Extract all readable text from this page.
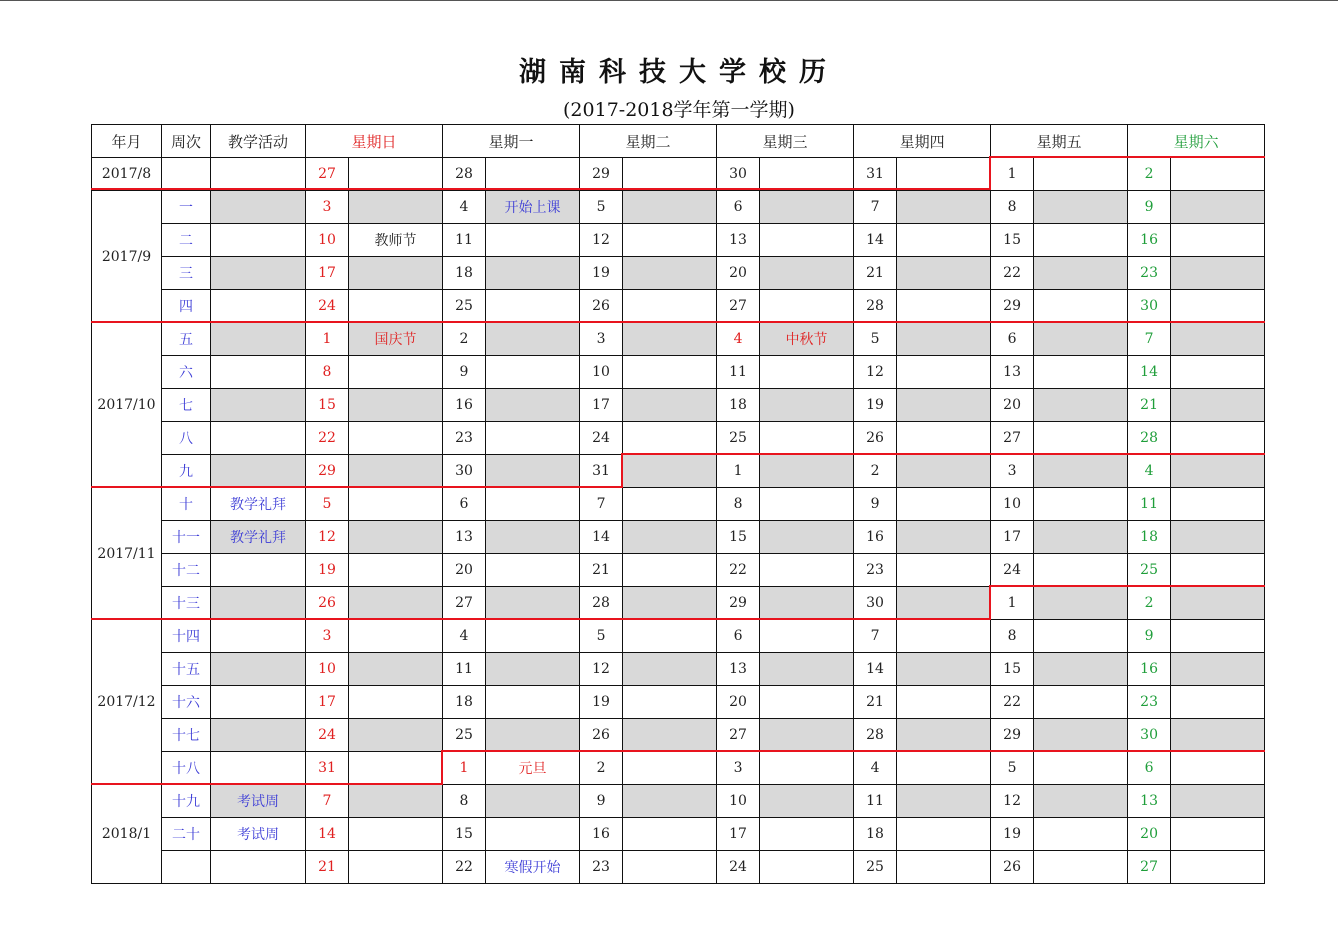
湖南科技大学校历
(2017-2018学年第一学期)
年月	周次	教学活动	星期日		星期一		星期二		星期三		星期四		星期五		星期六	
2017/8			27		28		29		30		31		1		2	
2017/9	一		3		4	开始上课	5		6		7		8		9	
	二		10	教师节	11		12		13		14		15		16	
	三		17		18		19		20		21		22		23	
	四		24		25		26		27		28		29		30	
2017/10	五		1	国庆节	2		3		4	中秋节	5		6		7	
	六		8		9		10		11		12		13		14	
	七		15		16		17		18		19		20		21	
	八		22		23		24		25		26		27		28	
	九		29		30		31		1		2		3		4	
2017/11	十	教学礼拜	5		6		7		8		9		10		11	
	十一	教学礼拜	12		13		14		15		16		17		18	
	十二		19		20		21		22		23		24		25	
	十三		26		27		28		29		30		1		2	
2017/12	十四		3		4		5		6		7		8		9	
	十五		10		11		12		13		14		15		16	
	十六		17		18		19		20		21		22		23	
	十七		24		25		26		27		28		29		30	
	十八		31		1	元旦	2		3		4		5		6	
2018/1	十九	考试周	7		8		9		10		11		12		13	
	二十	考试周	14		15		16		17		18		19		20	
			21		22	寒假开始	23		24		25		26		27	
